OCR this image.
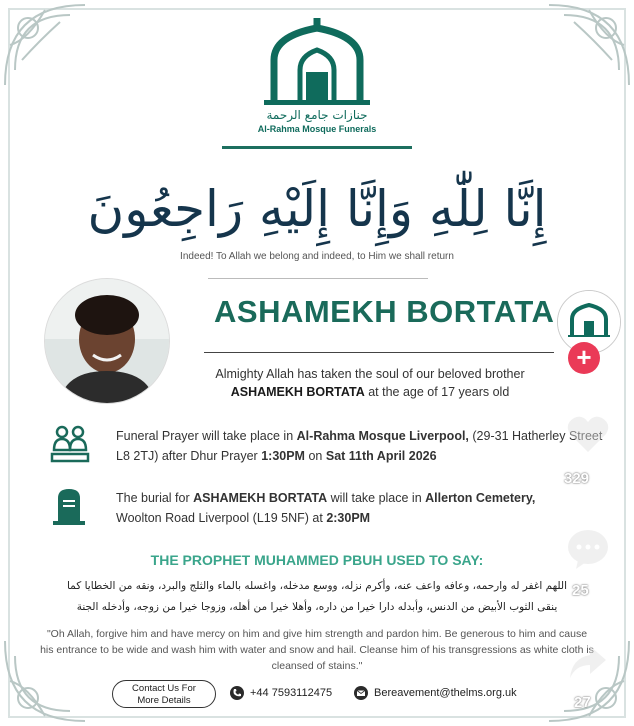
جنازات جامع الرحمة
Al-Rahma Mosque Funerals
إِنَّا لِلّٰهِ وَإِنَّا إِلَيْهِ رَاجِعُونَ
Indeed! To Allah we belong and indeed, to Him we shall return
ASHAMEKH BORTATA
Almighty Allah has taken the soul of our beloved brother
ASHAMEKH BORTATA at the age of 17 years old
Funeral Prayer will take place in Al-Rahma Mosque Liverpool, (29-31 Hatherley Street L8 2TJ) after Dhur Prayer 1:30PM on Sat 11th April 2026
The burial for ASHAMEKH BORTATA will take place in Allerton Cemetery,
Woolton Road Liverpool (L19 5NF) at 2:30PM
THE PROPHET MUHAMMED PBUH USED TO SAY:
اللهم اغفر له وارحمه، وعافه واعف عنه، وأكرم نزله، ووسع مدخله، واغسله بالماء والثلج والبرد، ونقه من الخطايا كما
ينقى الثوب الأبيض من الدنس، وأبدله دارا خيرا من داره، وأهلا خيرا من أهله، وزوجا خيرا من زوجه، وأدخله الجنة
"Oh Allah, forgive him and have mercy on him and give him strength and pardon him. Be generous to him and cause his entrance to be wide and wash him with water and snow and hail. Cleanse him of his transgressions as white cloth is cleansed of stains."
Contact Us For
More Details
+44 7593112475	Bereavement@thelms.org.uk
+
329
25
27
